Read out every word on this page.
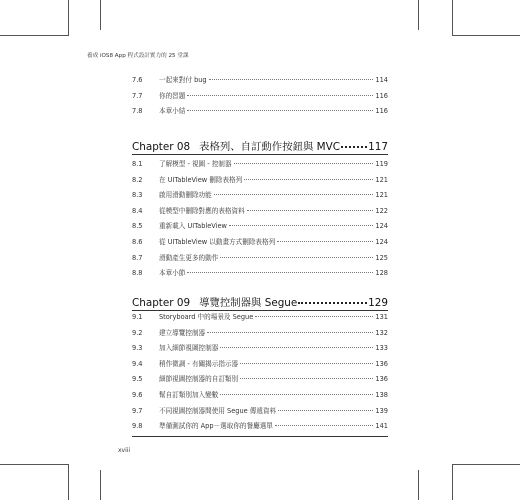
養成 iOS8 App 程式設計實力的 25 堂課
7.6	一起來對付 bug	114
7.7	你的習題	116
7.8	本章小結	116
Chapter 08 表格列、自訂動作按鈕與 MVC	117
8.1	了解模型 - 視圖 - 控制器	119
8.2	在 UITableView 刪除表格列	121
8.3	啟用滑動刪除功能	121
8.4	從模型中刪除對應的表格資料	122
8.5	重新載入 UITableView	124
8.6	從 UITableView 以動畫方式刪除表格列	124
8.7	滑動產生更多的動作	125
8.8	本章小節	128
Chapter 09 導覽控制器與 Segue	129
9.1	Storyboard 中的場景及 Segue	131
9.2	建立導覽控制器	132
9.3	加入細節視圖控制器	133
9.4	稍作微調 - 有關揭示指示器	136
9.5	細節視圖控制器的自訂類別	136
9.6	幫自訂類別加入變數	138
9.7	不同視圖控制器間使用 Segue 傳遞資料	139
9.8	準備測試你的 App－選取你的餐廳選單	141
xviii
